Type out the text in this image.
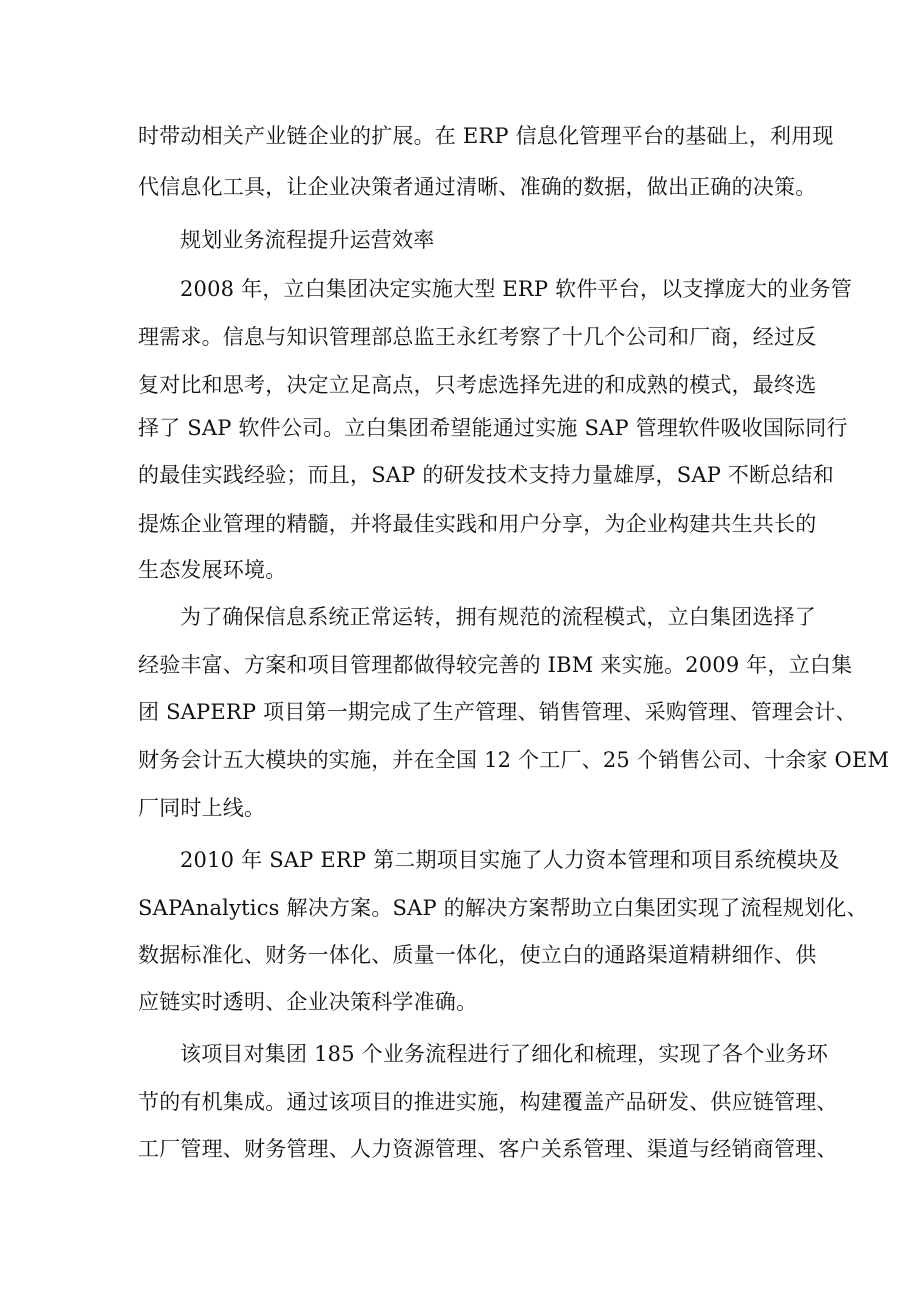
时带动相关产业链企业的扩展。在 ERP 信息化管理平台的基础上，利用现
代信息化工具，让企业决策者通过清晰、准确的数据，做出正确的决策。
规划业务流程提升运营效率
2008 年，立白集团决定实施大型 ERP 软件平台，以支撑庞大的业务管
理需求。信息与知识管理部总监王永红考察了十几个公司和厂商，经过反
复对比和思考，决定立足高点，只考虑选择先进的和成熟的模式，最终选
择了 SAP 软件公司。立白集团希望能通过实施 SAP 管理软件吸收国际同行
的最佳实践经验；而且，SAP 的研发技术支持力量雄厚，SAP 不断总结和
提炼企业管理的精髓，并将最佳实践和用户分享，为企业构建共生共长的
生态发展环境。
为了确保信息系统正常运转，拥有规范的流程模式，立白集团选择了
经验丰富、方案和项目管理都做得较完善的 IBM 来实施。2009 年，立白集
团 SAPERP 项目第一期完成了生产管理、销售管理、采购管理、管理会计、
财务会计五大模块的实施，并在全国 12 个工厂、25 个销售公司、十余家 OEM
厂同时上线。
2010 年 SAP ERP 第二期项目实施了人力资本管理和项目系统模块及
SAPAnalytics 解决方案。SAP 的解决方案帮助立白集团实现了流程规划化、
数据标准化、财务一体化、质量一体化，使立白的通路渠道精耕细作、供
应链实时透明、企业决策科学准确。
该项目对集团 185 个业务流程进行了细化和梳理，实现了各个业务环
节的有机集成。通过该项目的推进实施，构建覆盖产品研发、供应链管理、
工厂管理、财务管理、人力资源管理、客户关系管理、渠道与经销商管理、
